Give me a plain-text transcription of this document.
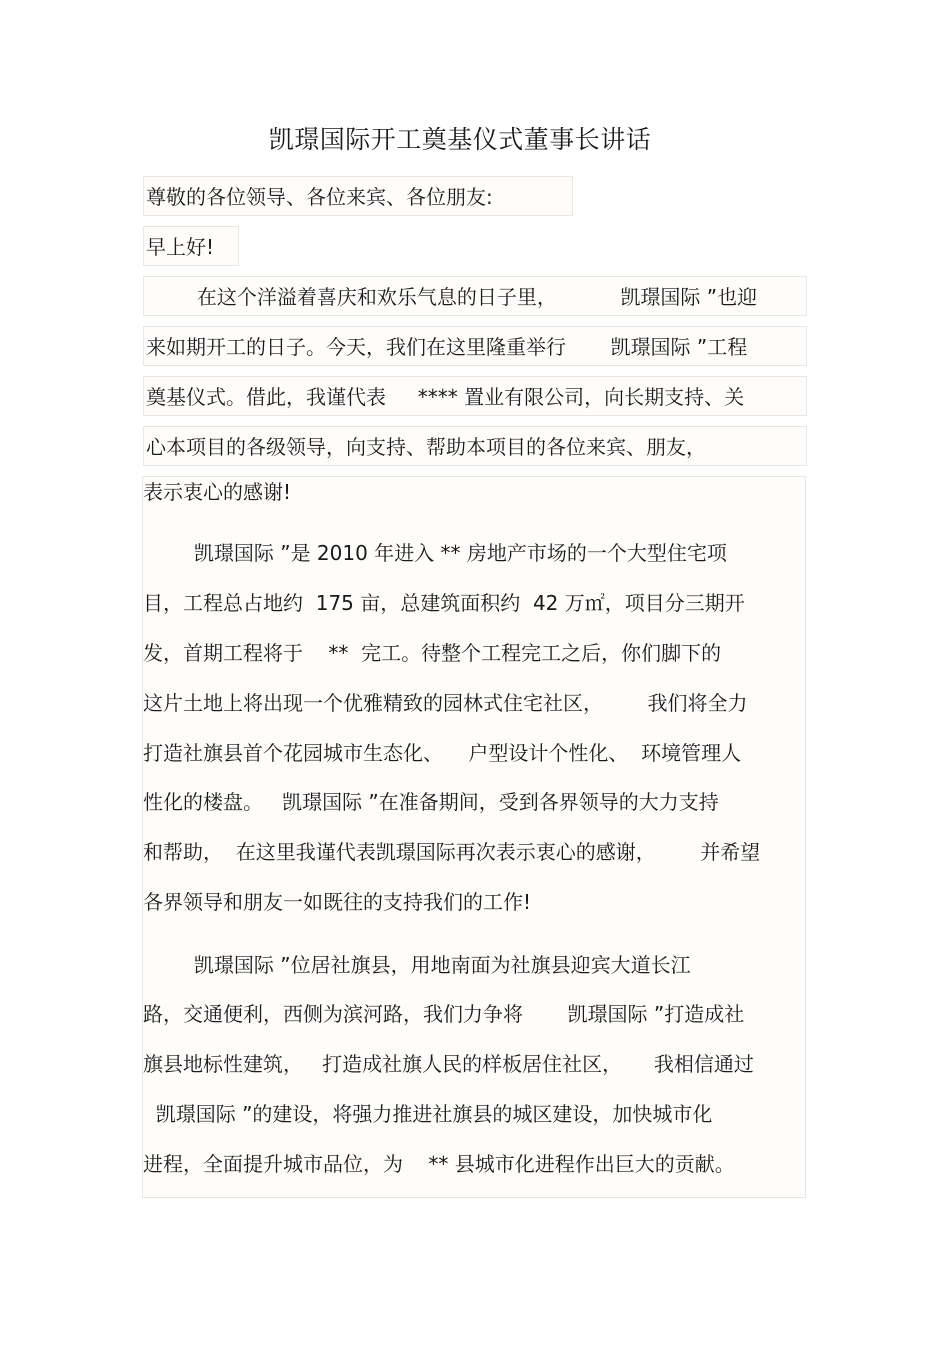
凯璟国际开工奠基仪式董事长讲话
尊敬的各位领导、各位来宾、各位朋友:
早上好!
在这个洋溢着喜庆和欢乐气息的日子里，          凯璟国际 ”也迎
来如期开工的日子。今天，我们在这里隆重举行       凯璟国际 ”工程
奠基仪式。借此，我谨代表     **** 置业有限公司，向长期支持、关
心本项目的各级领导，向支持、帮助本项目的各位来宾、朋友，
表示衷心的感谢!
凯璟国际 ”是 2010 年进入 ** 房地产市场的一个大型住宅项
目，工程总占地约  175 亩，总建筑面积约  42 万㎡，项目分三期开
发，首期工程将于    **  完工。待整个工程完工之后，你们脚下的
这片土地上将出现一个优雅精致的园林式住宅社区，       我们将全力
打造社旗县首个花园城市生态化、    户型设计个性化、  环境管理人
性化的楼盘。   凯璟国际 ”在准备期间，受到各界领导的大力支持
和帮助，  在这里我谨代表凯璟国际再次表示衷心的感谢，       并希望
各界领导和朋友一如既往的支持我们的工作!
凯璟国际 ”位居社旗县，用地南面为社旗县迎宾大道长江
路，交通便利，西侧为滨河路，我们力争将       凯璟国际 ”打造成社
旗县地标性建筑，   打造成社旗人民的样板居住社区，     我相信通过
凯璟国际 ”的建设，将强力推进社旗县的城区建设，加快城市化
进程，全面提升城市品位，为    ** 县城市化进程作出巨大的贡献。
